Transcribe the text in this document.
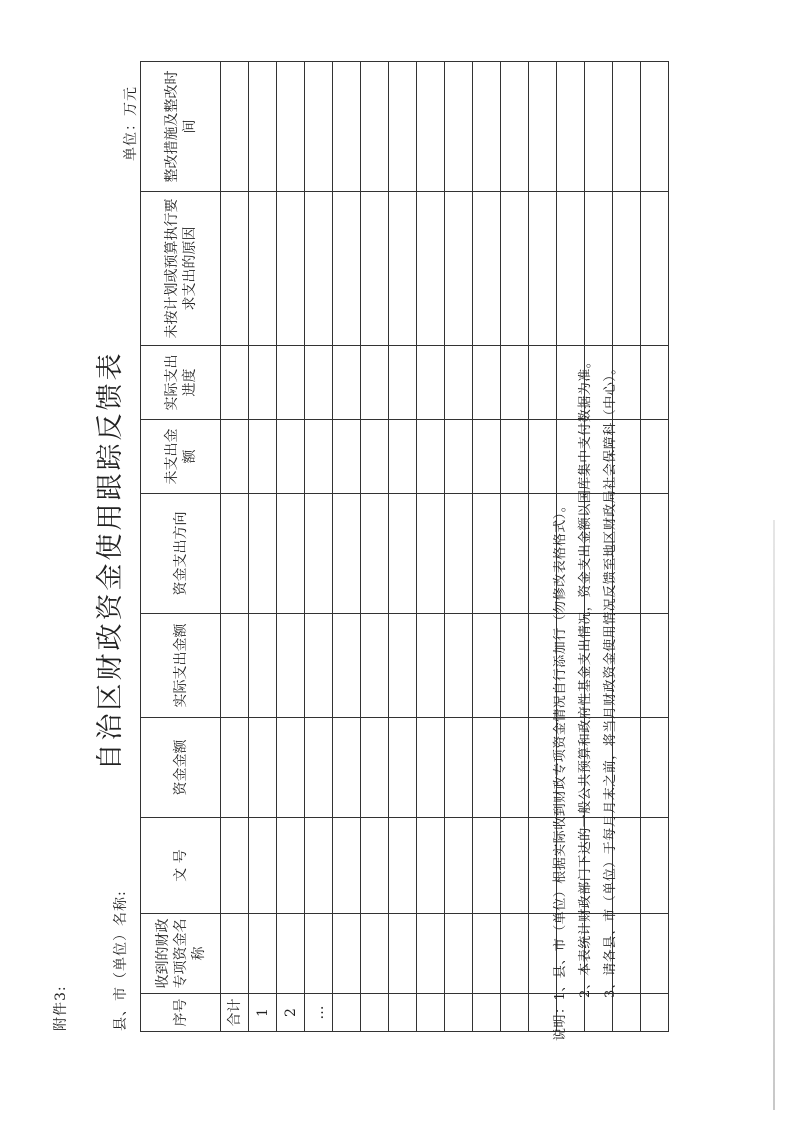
附件3:
自治区财政资金使用跟踪反馈表
县、市（单位）名称:
单位：万元
序号	收到的财政专项资金名称	文 号	资金金额	实际支出金额	资金支出方向	未支出金额	实际支出进度	未按计划或预算执行要求支出的原因	整改措施及整改时间
合计									
1									
2									
…									

										说明：1、县、市（单位）根据实际收到财政专项资金情况自行添加行（勿修改表格格式）。 2、本表统计财政部门下达的一般公共预算和政府性基金支出情况，资金支出金额以国库集中支付数据为准。 3、请各县、市（单位）于每月月末之前，将当月财政资金使用情况反馈至地区财政局社会保障科（中心）。
